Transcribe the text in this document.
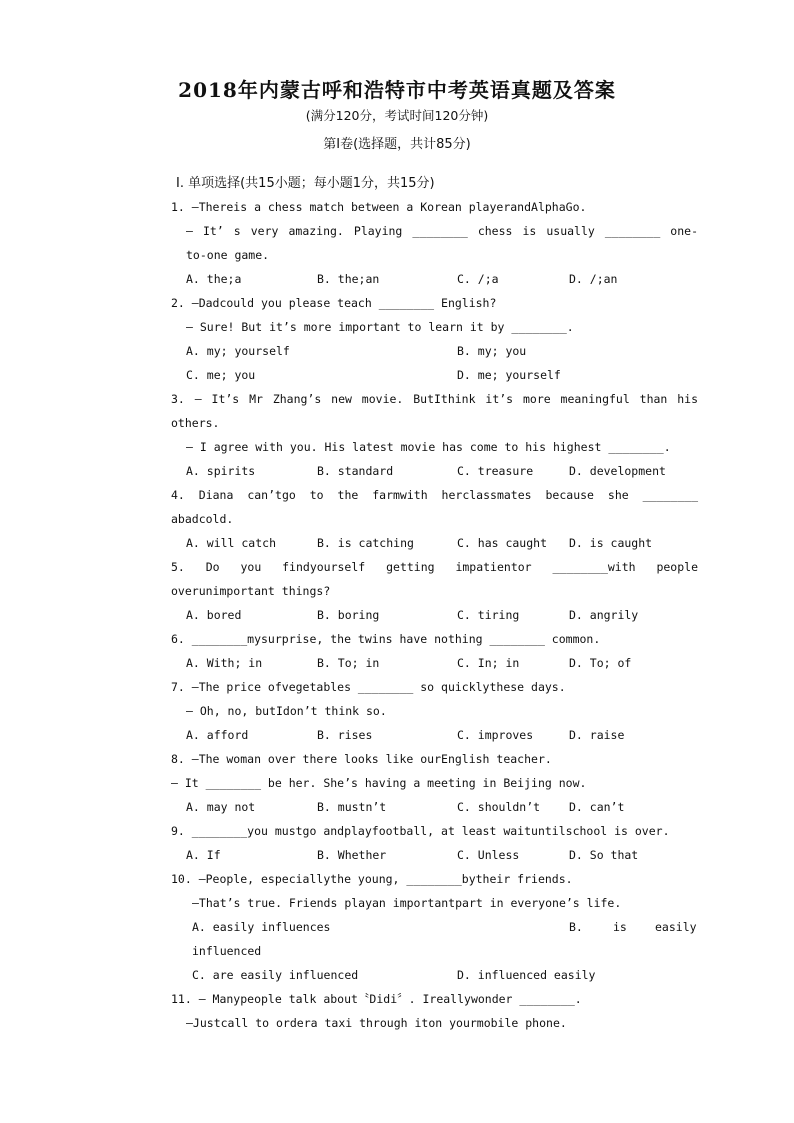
2018年内蒙古呼和浩特市中考英语真题及答案
(满分120分，考试时间120分钟)
第Ⅰ卷(选择题，共计85分)
Ⅰ. 单项选择(共15小题；每小题1分，共15分)
1. —Thereis a chess match between a Korean playerandAlphaGo.
— It’ s very amazing. Playing ________ chess is usually ________ one-
to-one game.
A. the;a	B. the;an	C. /;a	D. /;an
2. —Dadcould you please teach ________ English?
— Sure! But it’s more important to learn it by ________.
A. my; yourself	B. my; you
C. me; you	D. me; yourself
3. — It’s Mr Zhang’s new movie. ButIthink it’s more meaningful than his
others.
— I agree with you. His latest movie has come to his highest ________.
A. spirits	B. standard	C. treasure	D. development
4. Diana can’tgo to the farmwith herclassmates because she ________
abadcold.
A. will catch	B. is catching	C. has caught D. is caught
5. Do you findyourself getting impatientor ________with people
overunimportant things?
A. bored	B. boring	C. tiring	D. angrily
6. ________mysurprise, the twins have nothing ________ common.
A. With; in	B. To; in	C. In; in	D. To; of
7. —The price ofvegetables ________ so quicklythese days.
— Oh, no, butIdon’t think so.
A. afford	B. rises	C. improves	D. raise
8. —The woman over there looks like ourEnglish teacher.
— It ________ be her. She’s having a meeting in Beijing now.
A. may not	B. mustn’t	C. shouldn’t	D. can’t
9. ________you mustgo andplayfootball, at least waituntilschool is over.
A. If	B. Whether	C. Unless	D. So that
10. —People, especiallythe young, ________bytheir friends.
—That’s true. Friends playan importantpart in everyone’s life.
A. easily influences	B.	is easily
influenced
C. are easily influenced	D. influenced easily
11. — Manypeople talk about〝Didi〞. Ireallywonder ________.
—Justcall to ordera taxi through iton yourmobile phone.
